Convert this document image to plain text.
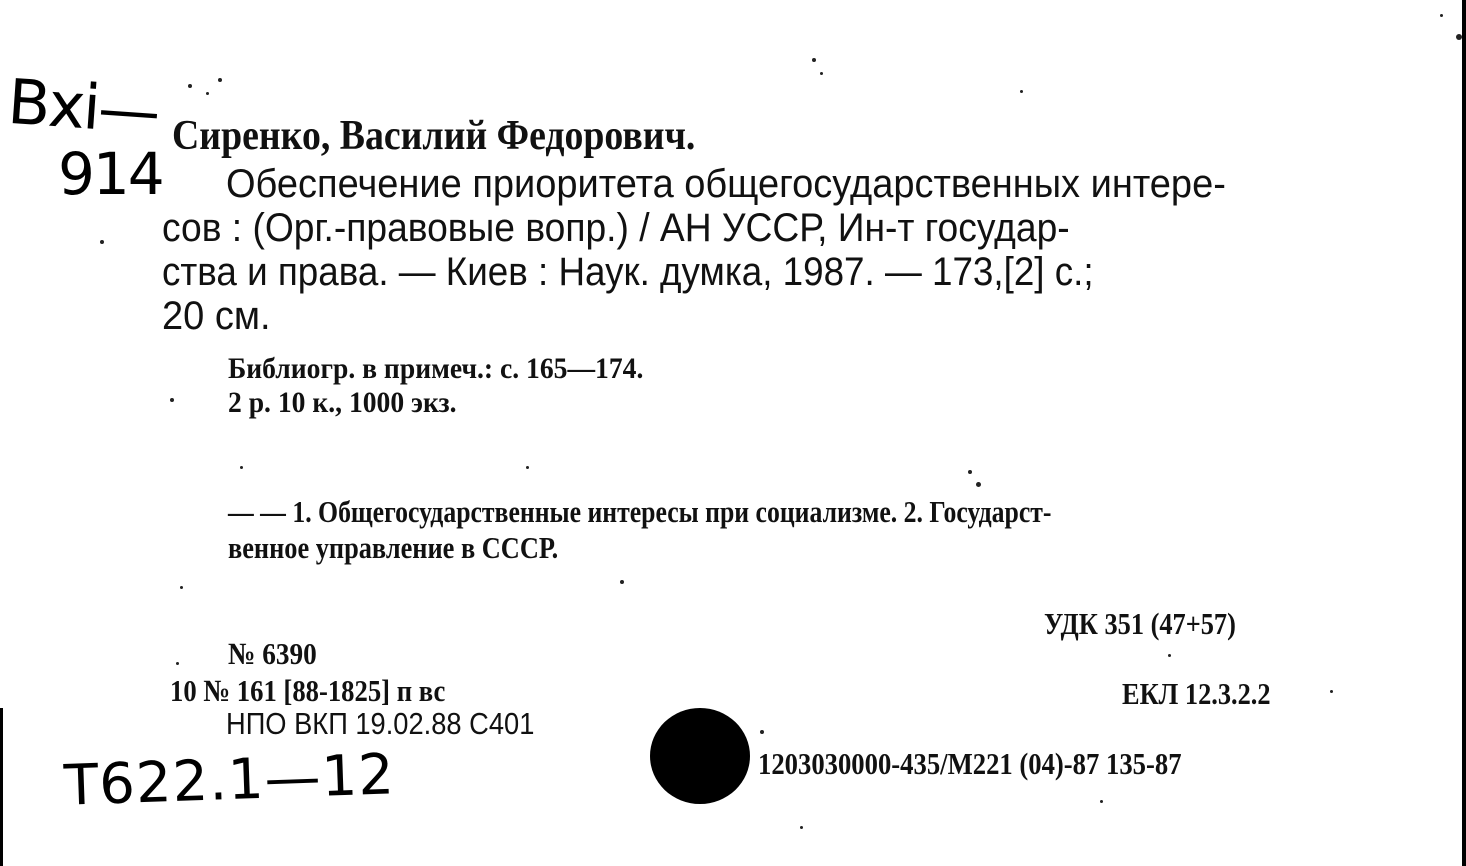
Вхі—
914
Сиренко, Василий Федорович.
Обеспечение приоритета общегосударственных интере-
сов : (Орг.-правовые вопр.) / АН УССР, Ин-т государ-
ства и права. — Киев : Наук. думка, 1987. — 173,[2] с.;
20 см.
Библиогр. в примеч.: с. 165—174.
2 р. 10 к., 1000 экз.
— — 1. Общегосударственные интересы при социализме. 2. Государст-
венное управление в СССР.
УДК 351 (47+57)
ЕКЛ 12.3.2.2
1203030000-435/М221 (04)-87 135-87
№ 6390
10 № 161 [88-1825] п вс
НПО ВКП 19.02.88 С401
Т622.1—12
